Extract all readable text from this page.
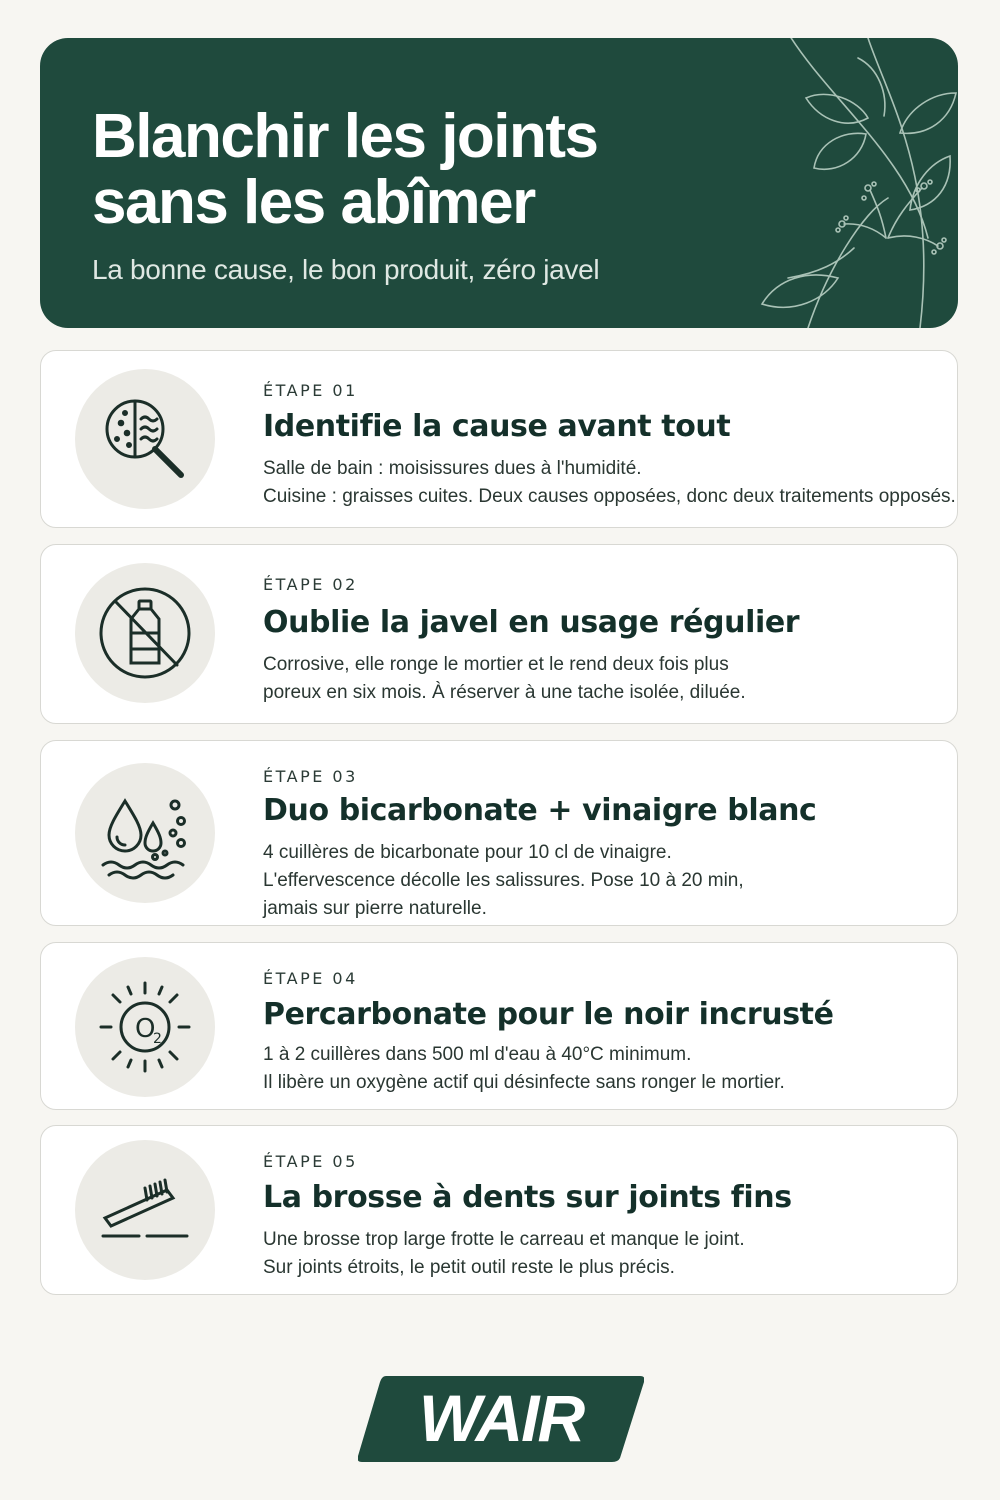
Blanchir les joints
sans les abîmer
La bonne cause, le bon produit, zéro javel
ÉTAPE 01
Identifie la cause avant tout
Salle de bain : moisissures dues à l'humidité.
Cuisine : graisses cuites. Deux causes opposées, donc deux traitements opposés.
ÉTAPE 02
Oublie la javel en usage régulier
Corrosive, elle ronge le mortier et le rend deux fois plus
poreux en six mois. À réserver à une tache isolée, diluée.
ÉTAPE 03
Duo bicarbonate + vinaigre blanc
4 cuillères de bicarbonate pour 10 cl de vinaigre.
L'effervescence décolle les salissures. Pose 10 à 20 min,
jamais sur pierre naturelle.
O
2
ÉTAPE 04
Percarbonate pour le noir incrusté
1 à 2 cuillères dans 500 ml d'eau à 40°C minimum.
Il libère un oxygène actif qui désinfecte sans ronger le mortier.
ÉTAPE 05
La brosse à dents sur joints fins
Une brosse trop large frotte le carreau et manque le joint.
Sur joints étroits, le petit outil reste le plus précis.
WAIR
